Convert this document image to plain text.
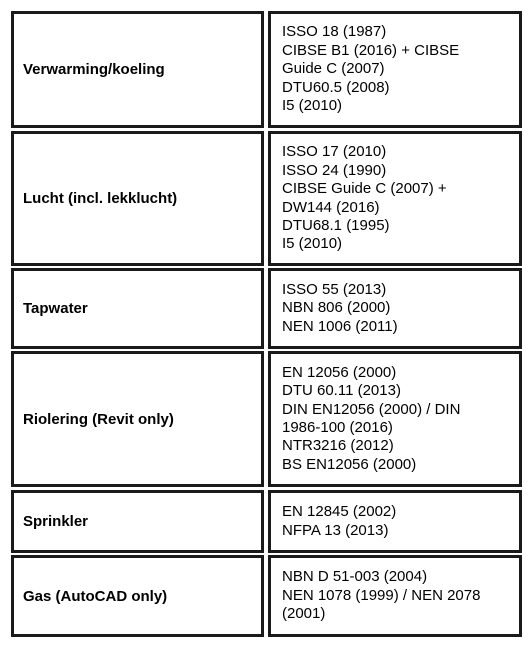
Verwarming/koeling
ISSO 18 (1987)
CIBSE B1 (2016) + CIBSE
Guide C (2007)
DTU60.5 (2008)
I5 (2010)
Lucht (incl. lekklucht)
ISSO 17 (2010)
ISSO 24 (1990)
CIBSE Guide C (2007) +
DW144 (2016)
DTU68.1 (1995)
I5 (2010)
Tapwater
ISSO 55 (2013)
NBN 806 (2000)
NEN 1006 (2011)
Riolering (Revit only)
EN 12056 (2000)
DTU 60.11 (2013)
DIN EN12056 (2000) / DIN
1986-100 (2016)
NTR3216 (2012)
BS EN12056 (2000)
Sprinkler
EN 12845 (2002)
NFPA 13 (2013)
Gas (AutoCAD only)
NBN D 51-003 (2004)
NEN 1078 (1999) / NEN 2078
(2001)
